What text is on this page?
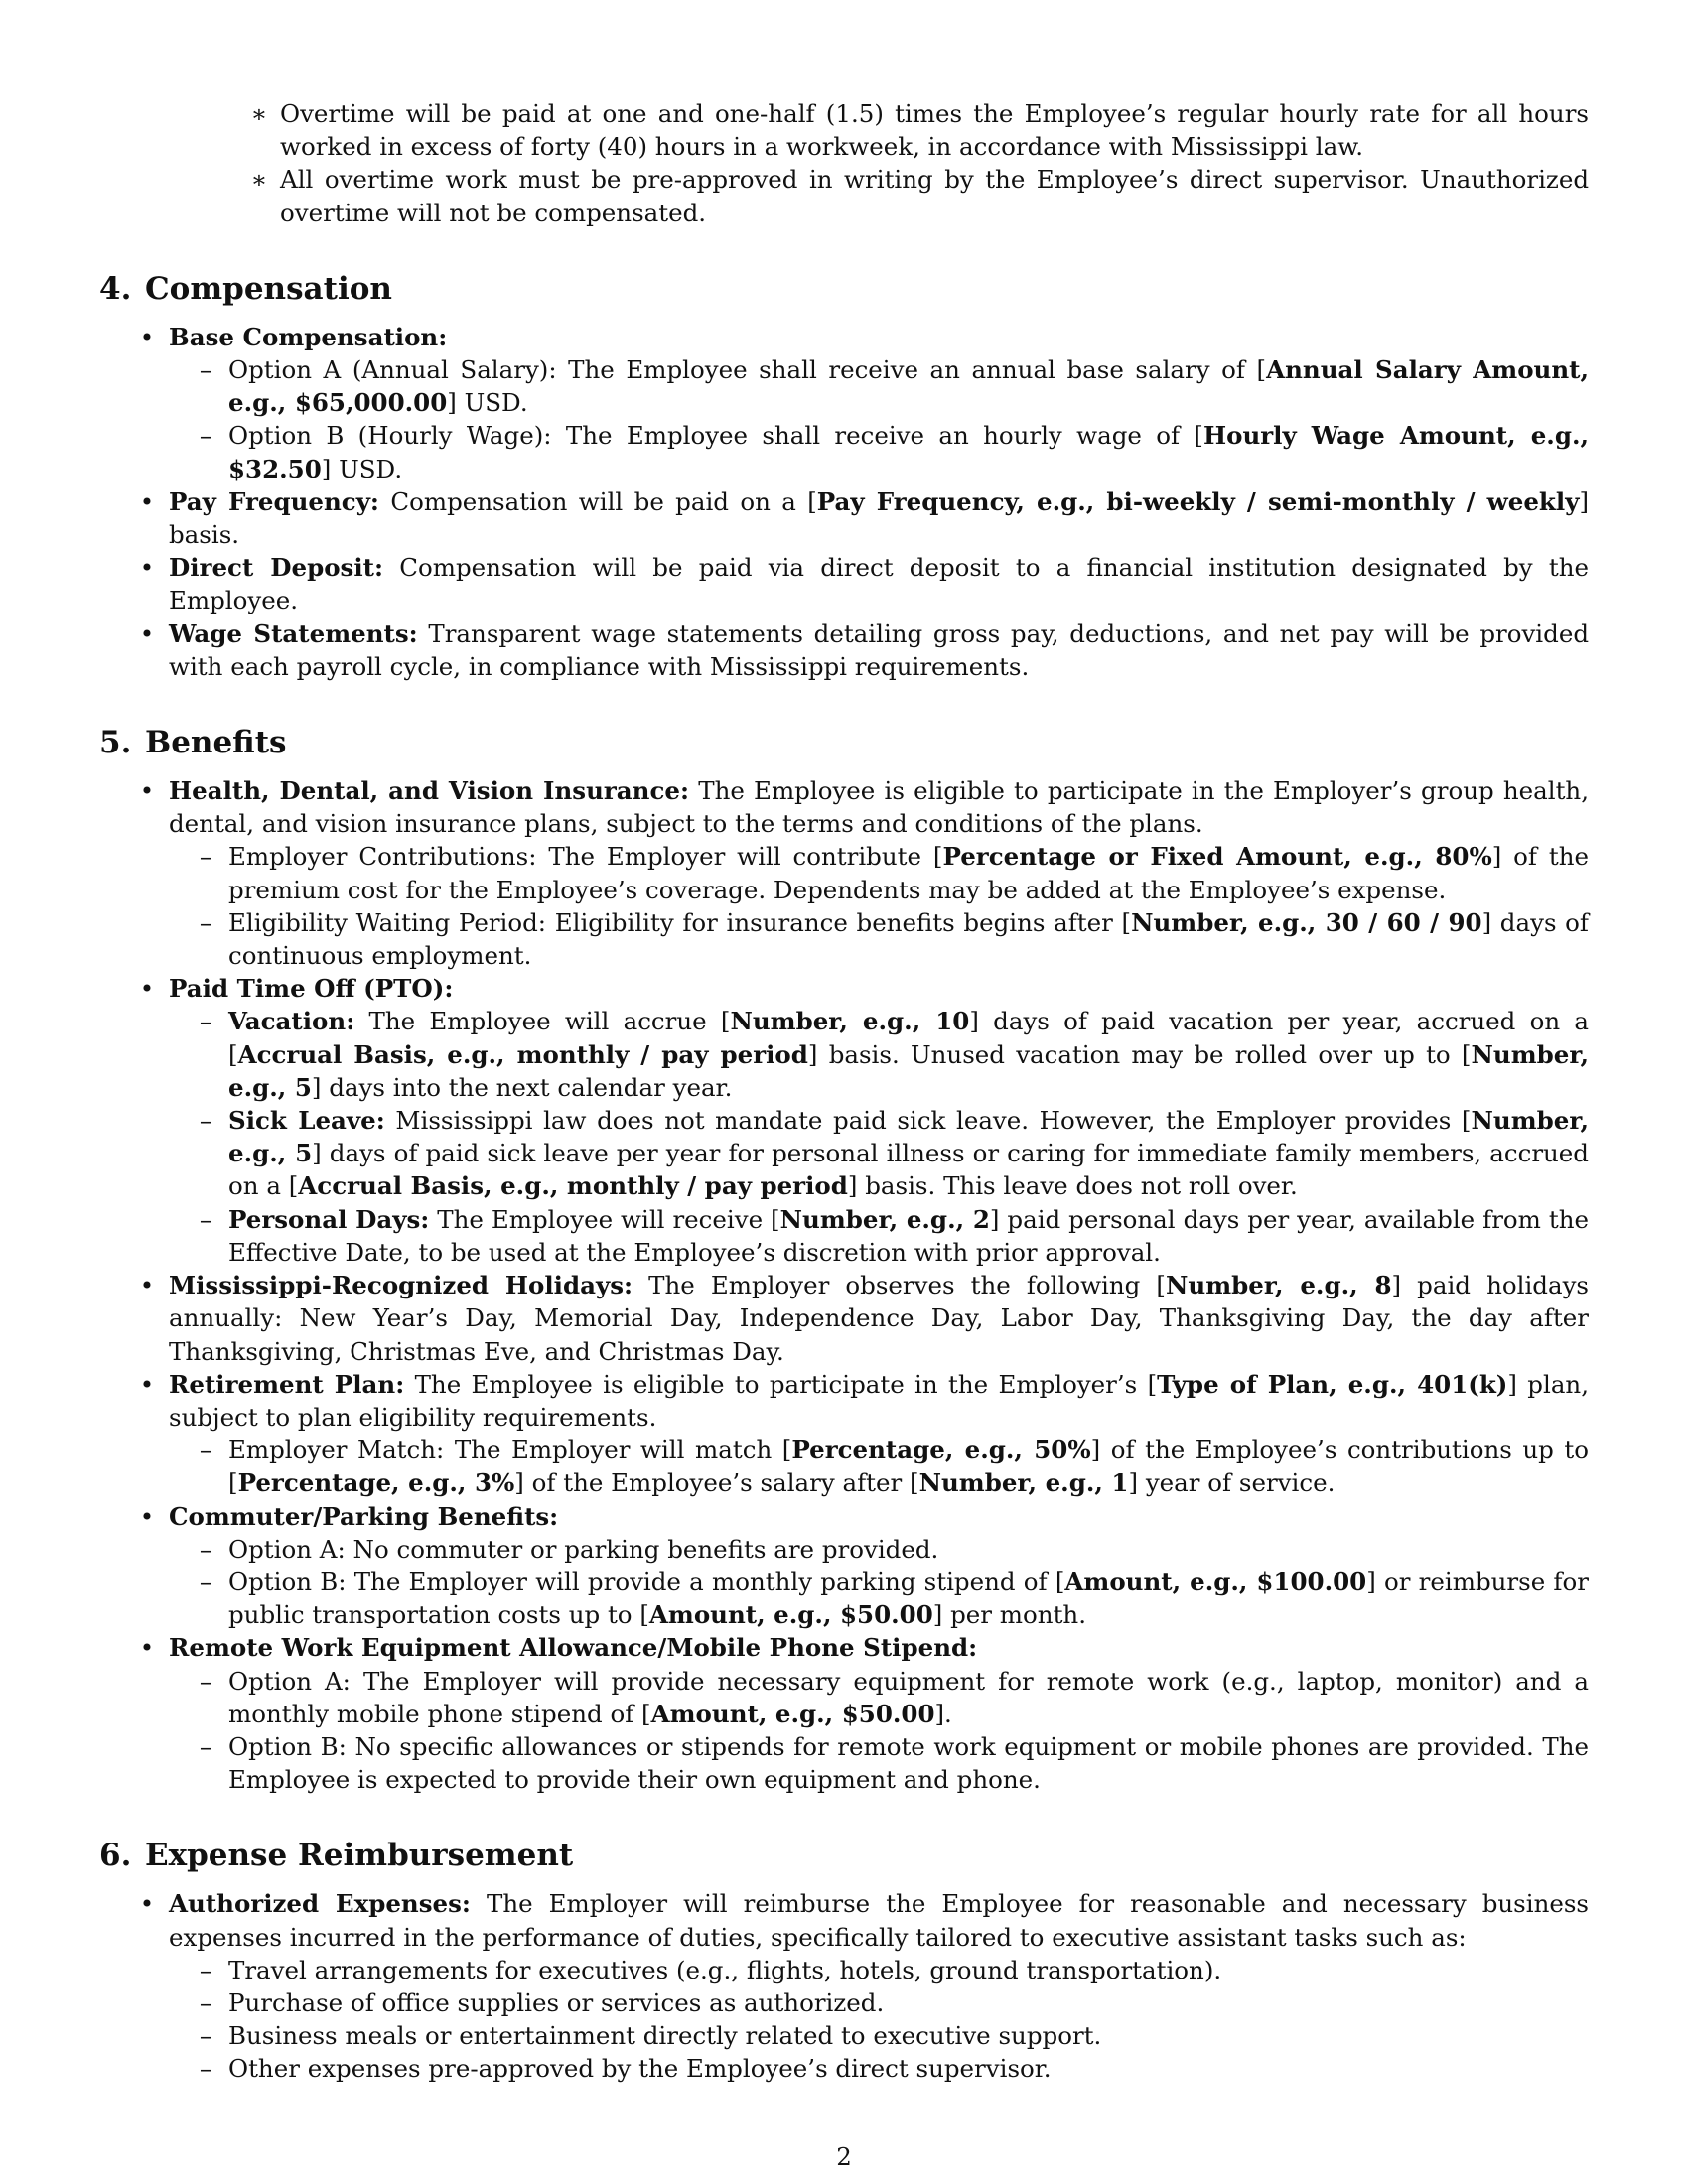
∗ Overtime will be paid at one and one-half (1.5) times the Employee’s regular hourly rate for all hours worked in excess of forty (40) hours in a workweek, in accordance with Mississippi law.
∗ All overtime work must be pre-approved in writing by the Employee’s direct supervisor. Unauthorized overtime will not be compensated.
4. Compensation
• Base Compensation:
– Option A (Annual Salary): The Employee shall receive an annual base salary of [Annual Salary Amount, e.g., $65,000.00] USD.
– Option B (Hourly Wage): The Employee shall receive an hourly wage of [Hourly Wage Amount, e.g., $32.50] USD.
• Pay Frequency: Compensation will be paid on a [Pay Frequency, e.g., bi-weekly / semi-monthly / weekly] basis.
• Direct Deposit: Compensation will be paid via direct deposit to a financial institution designated by the Employee.
• Wage Statements: Transparent wage statements detailing gross pay, deductions, and net pay will be provided with each payroll cycle, in compliance with Mississippi requirements.
5. Benefits
• Health, Dental, and Vision Insurance: The Employee is eligible to participate in the Employer’s group health, dental, and vision insurance plans, subject to the terms and conditions of the plans.
– Employer Contributions: The Employer will contribute [Percentage or Fixed Amount, e.g., 80%] of the premium cost for the Employee’s coverage. Dependents may be added at the Employee’s expense.
– Eligibility Waiting Period: Eligibility for insurance benefits begins after [Number, e.g., 30 / 60 / 90] days of continuous employment.
• Paid Time Off (PTO):
– Vacation: The Employee will accrue [Number, e.g., 10] days of paid vacation per year, accrued on a [Accrual Basis, e.g., monthly / pay period] basis. Unused vacation may be rolled over up to [Number, e.g., 5] days into the next calendar year.
– Sick Leave: Mississippi law does not mandate paid sick leave. However, the Employer provides [Number, e.g., 5] days of paid sick leave per year for personal illness or caring for immediate family members, accrued on a [Accrual Basis, e.g., monthly / pay period] basis. This leave does not roll over.
– Personal Days: The Employee will receive [Number, e.g., 2] paid personal days per year, available from the Effective Date, to be used at the Employee’s discretion with prior approval.
• Mississippi-Recognized Holidays: The Employer observes the following [Number, e.g., 8] paid holidays annually: New Year’s Day, Memorial Day, Independence Day, Labor Day, Thanksgiving Day, the day after Thanksgiving, Christmas Eve, and Christmas Day.
• Retirement Plan: The Employee is eligible to participate in the Employer’s [Type of Plan, e.g., 401(k)] plan, subject to plan eligibility requirements.
– Employer Match: The Employer will match [Percentage, e.g., 50%] of the Employee’s contributions up to [Percentage, e.g., 3%] of the Employee’s salary after [Number, e.g., 1] year of service.
• Commuter/Parking Benefits:
– Option A: No commuter or parking benefits are provided.
– Option B: The Employer will provide a monthly parking stipend of [Amount, e.g., $100.00] or reimburse for public transportation costs up to [Amount, e.g., $50.00] per month.
• Remote Work Equipment Allowance/Mobile Phone Stipend:
– Option A: The Employer will provide necessary equipment for remote work (e.g., laptop, monitor) and a monthly mobile phone stipend of [Amount, e.g., $50.00].
– Option B: No specific allowances or stipends for remote work equipment or mobile phones are provided. The Employee is expected to provide their own equipment and phone.
6. Expense Reimbursement
• Authorized Expenses: The Employer will reimburse the Employee for reasonable and necessary business expenses incurred in the performance of duties, specifically tailored to executive assistant tasks such as:
– Travel arrangements for executives (e.g., flights, hotels, ground transportation).
– Purchase of office supplies or services as authorized.
– Business meals or entertainment directly related to executive support.
– Other expenses pre-approved by the Employee’s direct supervisor.
2
